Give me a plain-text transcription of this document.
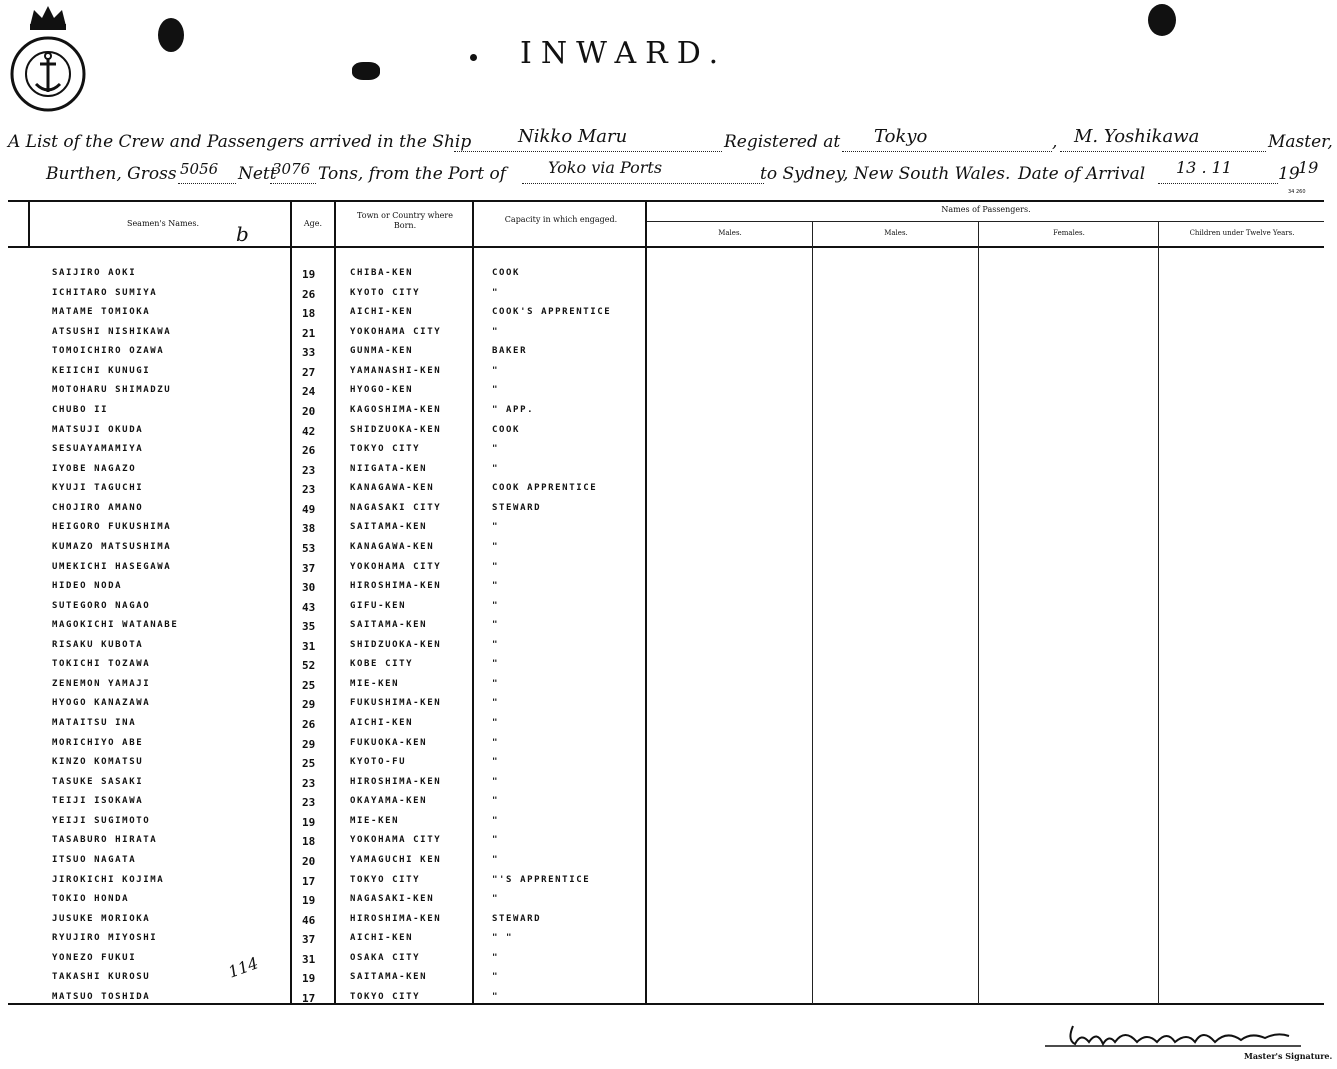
INWARD.
A List of the Crew and Passengers arrived in the Ship	Nikko Maru	Registered at Tokyo	, M. Yoshikawa	Master,
Burthen, Gross 5056 Nett
3076 Tons, from the Port of	Yoko via Ports	to Sydney, New South Wales. Date of Arrival 13 . 11	19
19
34 260
Seamen's Names.	b	Age.
Town or Country where Born.
Capacity in which engaged.
Names of Passengers.
Males.	Males.	Females.	Children under Twelve Years.
SAIJIRO AOKI	19	CHIBA-KEN	COOK
ICHITARO SUMIYA	26	KYOTO CITY	"
MATAME TOMIOKA	18	AICHI-KEN	COOK'S APPRENTICE
ATSUSHI NISHIKAWA	21	YOKOHAMA CITY	"
TOMOICHIRO OZAWA	33	GUNMA-KEN	BAKER
KEIICHI KUNUGI	27	YAMANASHI-KEN	"
MOTOHARU SHIMADZU	24	HYOGO-KEN	"
CHUBO II	20	KAGOSHIMA-KEN	" APP.
MATSUJI OKUDA	42	SHIDZUOKA-KEN	COOK
SESUAYAMAMIYA	26	TOKYO CITY	"
IYOBE NAGAZO	23	NIIGATA-KEN	"
KYUJI TAGUCHI	23	KANAGAWA-KEN	COOK APPRENTICE
CHOJIRO AMANO	49	NAGASAKI CITY	STEWARD
HEIGORO FUKUSHIMA	38	SAITAMA-KEN	"
KUMAZO MATSUSHIMA	53	KANAGAWA-KEN	"
UMEKICHI HASEGAWA	37	YOKOHAMA CITY	"
HIDEO NODA	30	HIROSHIMA-KEN	"
SUTEGORO NAGAO	43	GIFU-KEN	"
MAGOKICHI WATANABE	35	SAITAMA-KEN	"
RISAKU KUBOTA	31	SHIDZUOKA-KEN	"
TOKICHI TOZAWA	52	KOBE CITY	"
ZENEMON YAMAJI	25	MIE-KEN	"
HYOGO KANAZAWA	29	FUKUSHIMA-KEN	"
MATAITSU INA	26	AICHI-KEN	"
MORICHIYO ABE	29	FUKUOKA-KEN	"
KINZO KOMATSU	25	KYOTO-FU	"
TASUKE SASAKI	23	HIROSHIMA-KEN	"
TEIJI ISOKAWA	23	OKAYAMA-KEN	"
YEIJI SUGIMOTO	19	MIE-KEN	"
TASABURO HIRATA	18	YOKOHAMA CITY	"
ITSUO NAGATA	20	YAMAGUCHI KEN	"
JIROKICHI KOJIMA	17	TOKYO CITY	"'S APPRENTICE
TOKIO HONDA	19	NAGASAKI-KEN	"
JUSUKE MORIOKA	46	HIROSHIMA-KEN	STEWARD
RYUJIRO MIYOSHI	37	AICHI-KEN	" "
YONEZO FUKUI	31	OSAKA CITY	"
TAKASHI KUROSU	19	SAITAMA-KEN	"
MATSUO TOSHIDA	17	TOKYO CITY	"
114
Master's Signature.
